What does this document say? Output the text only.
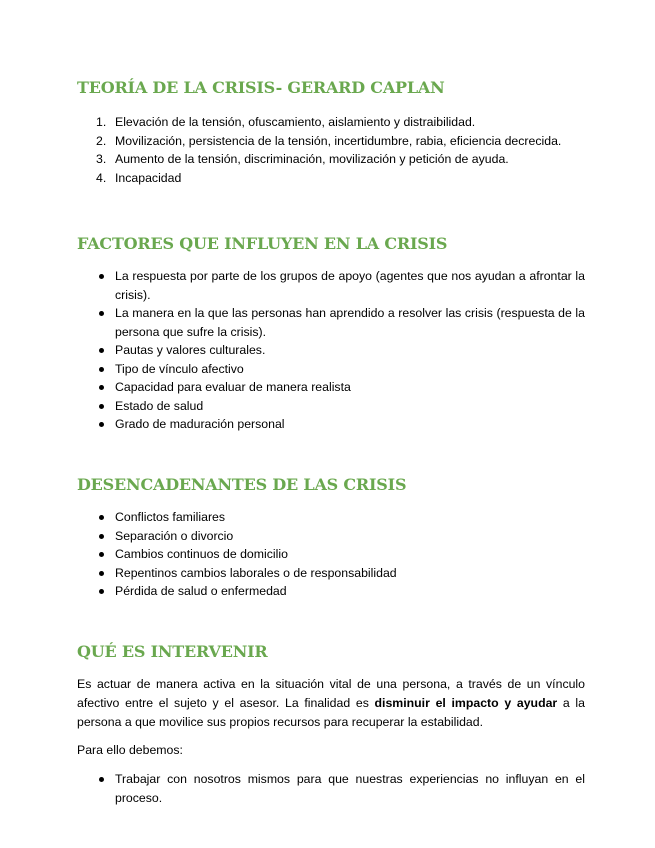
TEORÍA DE LA CRISIS- GERARD CAPLAN
1. Elevación de la tensión, ofuscamiento, aislamiento y distraibilidad.
2. Movilización, persistencia de la tensión, incertidumbre, rabia, eficiencia decrecida.
3. Aumento de la tensión, discriminación, movilización y petición de ayuda.
4. Incapacidad
FACTORES QUE INFLUYEN EN LA CRISIS
La respuesta por parte de los grupos de apoyo (agentes que nos ayudan a afrontar la crisis).
La manera en la que las personas han aprendido a resolver las crisis (respuesta de la persona que sufre la crisis).
Pautas y valores culturales.
Tipo de vínculo afectivo
Capacidad para evaluar de manera realista
Estado de salud
Grado de maduración personal
DESENCADENANTES DE LAS CRISIS
Conflictos familiares
Separación o divorcio
Cambios continuos de domicilio
Repentinos cambios laborales o de responsabilidad
Pérdida de salud o enfermedad
QUÉ ES INTERVENIR

Es actuar de manera activa en la situación vital de una persona, a través de un vínculo afectivo entre el sujeto y el asesor. La finalidad es disminuir el impacto y ayudar a la persona a que movilice sus propios recursos para recuperar la estabilidad.

Para ello debemos:

Trabajar con nosotros mismos para que nuestras experiencias no influyan en el proceso.
